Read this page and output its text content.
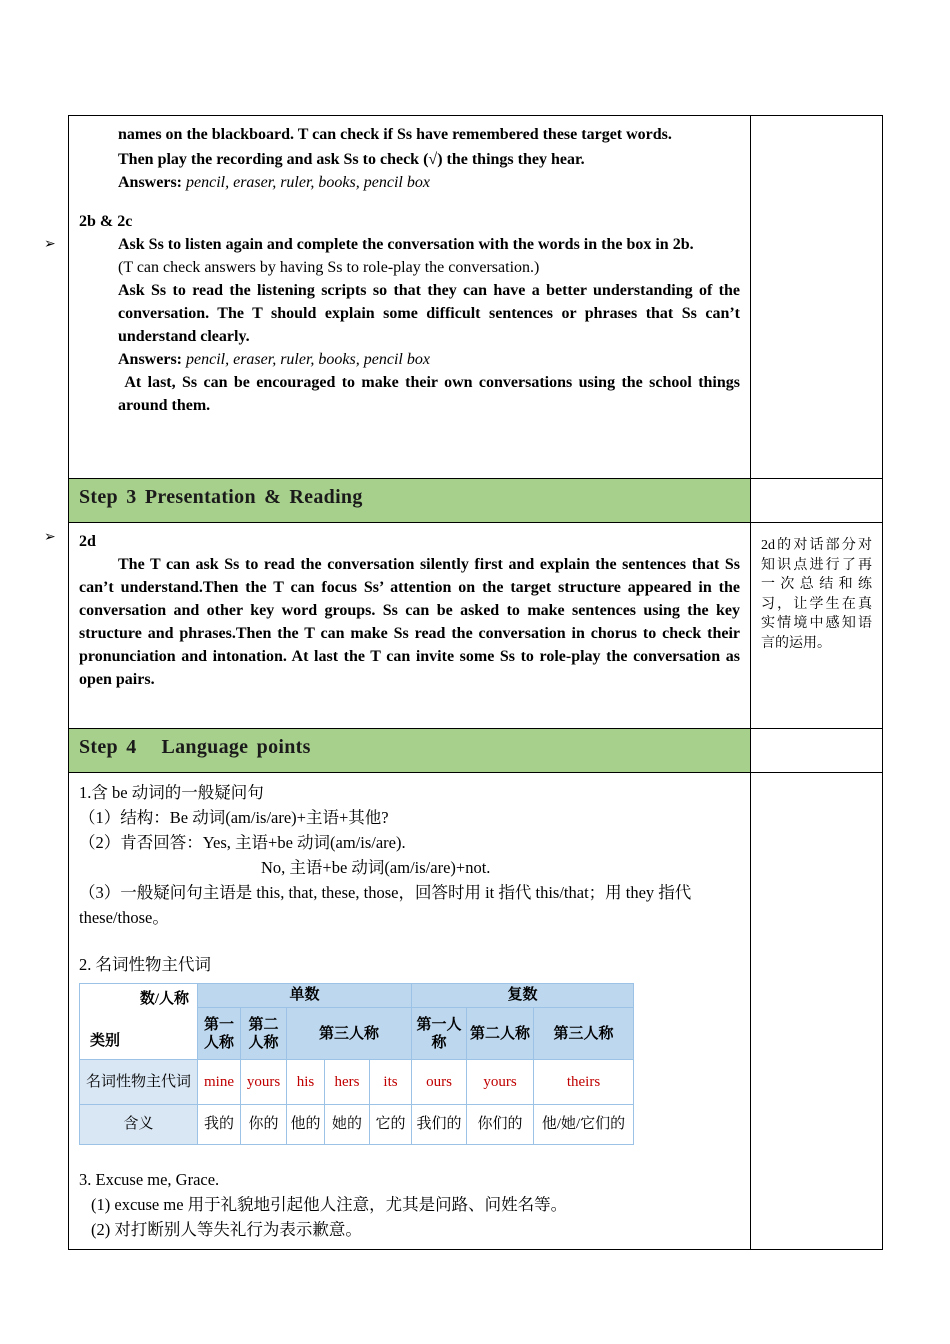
➢
➢
names on the blackboard. T can check if Ss have remembered these target words.
Then play the recording and ask Ss to check (√) the things they hear.
Answers: pencil, eraser, ruler, books, pencil box
2b & 2c
Ask Ss to listen again and complete the conversation with the words in the box in 2b.
(T can check answers by having Ss to role-play the conversation.)
Ask Ss to read the listening scripts so that they can have a better understanding of the conversation. The T should explain some difficult sentences or phrases that Ss can’t understand clearly.
Answers: pencil, eraser, ruler, books, pencil box
At last, Ss can be encouraged to make their own conversations using the school things around them.

Step 3 Presentation & Reading

2d
The T can ask Ss to read the conversation silently first and explain the sentences that Ss can’t understand.Then the T can focus Ss’ attention on the target structure appeared in the conversation and other key word groups. Ss can be asked to make sentences using the key structure and phrases.Then the T can make Ss read the conversation in chorus to check their pronunciation and intonation. At last the T can invite some Ss to role-play the conversation as open pairs.

2d的对话部分对知识点进行了再一次总结和练习，让学生在真实情境中感知语言的运用。

Step 4   Language points

1.含 be 动词的一般疑问句
（1）结构：Be 动词(am/is/are)+主语+其他?
（2）肯否回答：Yes, 主语+be 动词(am/is/are).
No, 主语+be 动词(am/is/are)+not.
（3）一般疑问句主语是 this, that, these, those，回答时用 it 指代 this/that；用 they 指代 these/those。
2. 名词性物主代词
数/人称
类别
	单数	复数
第一人称	第二人称	第三人称	第一人称	第二人称	第三人称
名词性物主代词	mine	yours	his	hers	its	ours	yours	theirs
含义	我的	你的	他的	她的	它的	我们的	你们的	他/她/它们的
3. Excuse me, Grace.
(1) excuse me 用于礼貌地引起他人注意，尤其是问路、问姓名等。
(2) 对打断别人等失礼行为表示歉意。
